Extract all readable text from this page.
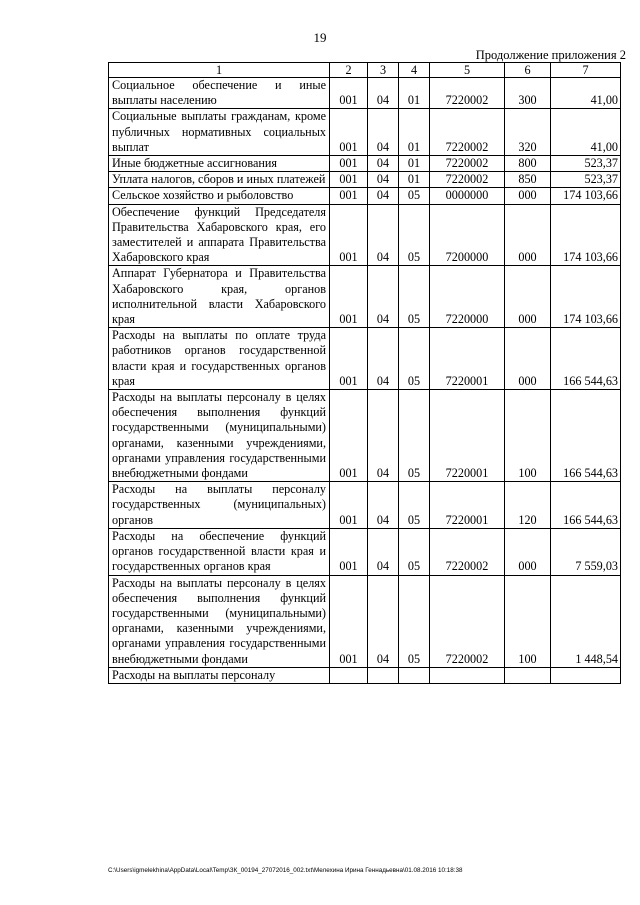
19
Продолжение приложения 2
1	2	3	4	5	6	7
Социальное обеспечение и иные выплаты населению	001	04	01	7220002	300	41,00
Социальные выплаты гражданам, кроме публичных нормативных социальных выплат	001	04	01	7220002	320	41,00
Иные бюджетные ассигнования	001	04	01	7220002	800	523,37
Уплата налогов, сборов и иных платежей	001	04	01	7220002	850	523,37
Сельское хозяйство и рыболовство	001	04	05	0000000	000	174 103,66
Обеспечение функций Председателя Правительства Хабаровского края, его заместителей и аппарата Правительства Хабаровского края	001	04	05	7200000	000	174 103,66
Аппарат Губернатора и Правительства Хабаровского края, органов исполнительной власти Хабаровского края	001	04	05	7220000	000	174 103,66
Расходы на выплаты по оплате труда работников органов государственной власти края и государственных органов края	001	04	05	7220001	000	166 544,63
Расходы на выплаты персоналу в целях обеспечения выполнения функций государственными (муниципальными) органами, казенными учреждениями, органами управления государственными внебюджетными фондами	001	04	05	7220001	100	166 544,63
Расходы на выплаты персоналу государственных (муниципальных) органов	001	04	05	7220001	120	166 544,63
Расходы на обеспечение функций органов государственной власти края и государственных органов края	001	04	05	7220002	000	7 559,03
Расходы на выплаты персоналу в целях обеспечения выполнения функций государственными (муниципальными) органами, казенными учреждениями, органами управления государственными внебюджетными фондами	001	04	05	7220002	100	1 448,54
Расходы на выплаты персоналу						
C:\Users\igmelekhina\AppData\Local\Temp\ЗК_00194_27072016_002.txt\Мелехина Ирина Геннадьевна\01.08.2016 10:18:38
